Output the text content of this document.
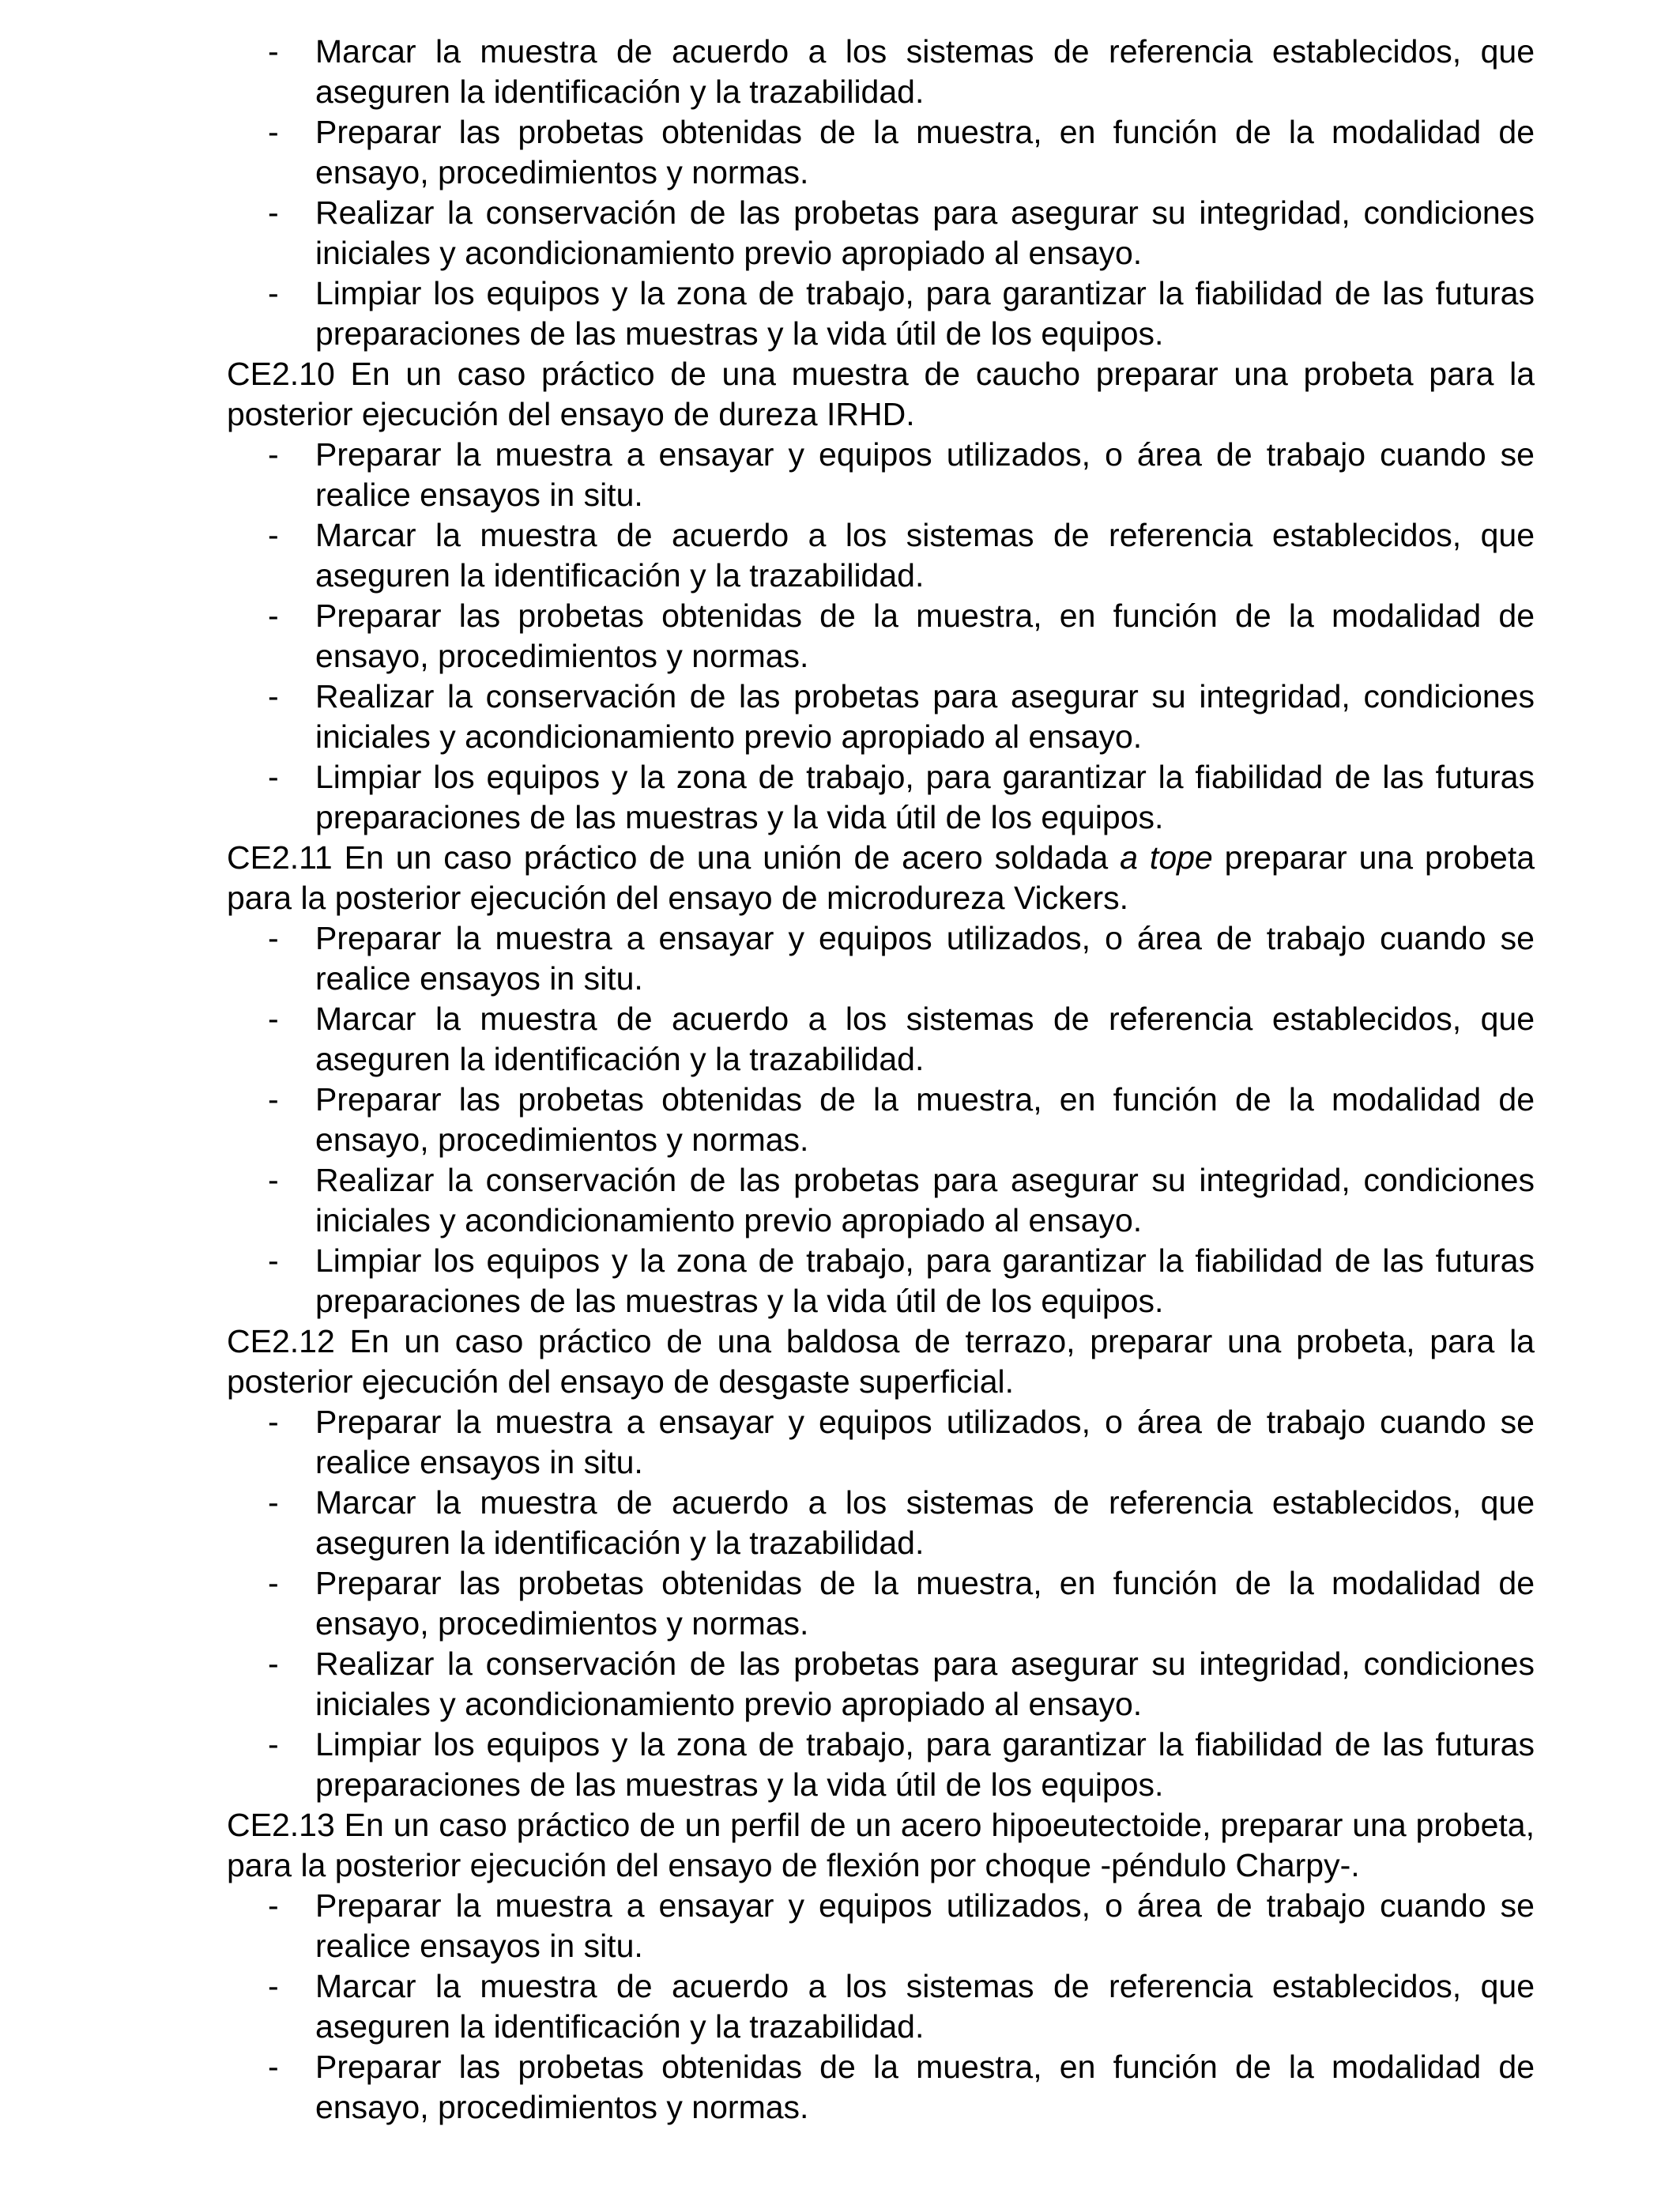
- Marcar la muestra de acuerdo a los sistemas de referencia establecidos, que aseguren la identificación y la trazabilidad.
- Preparar las probetas obtenidas de la muestra, en función de la modalidad de ensayo, procedimientos y normas.
- Realizar la conservación de las probetas para asegurar su integridad, condiciones iniciales y acondicionamiento previo apropiado al ensayo.
- Limpiar los equipos y la zona de trabajo, para garantizar la fiabilidad de las futuras preparaciones de las muestras y la vida útil de los equipos.

CE2.10 En un caso práctico de una muestra de caucho preparar una probeta para la posterior ejecución del ensayo de dureza IRHD.

- Preparar la muestra a ensayar y equipos utilizados, o área de trabajo cuando se realice ensayos in situ.
- Marcar la muestra de acuerdo a los sistemas de referencia establecidos, que aseguren la identificación y la trazabilidad.
- Preparar las probetas obtenidas de la muestra, en función de la modalidad de ensayo, procedimientos y normas.
- Realizar la conservación de las probetas para asegurar su integridad, condiciones iniciales y acondicionamiento previo apropiado al ensayo.
- Limpiar los equipos y la zona de trabajo, para garantizar la fiabilidad de las futuras preparaciones de las muestras y la vida útil de los equipos.

CE2.11 En un caso práctico de una unión de acero soldada a tope preparar una probeta para la posterior ejecución del ensayo de microdureza Vickers.

- Preparar la muestra a ensayar y equipos utilizados, o área de trabajo cuando se realice ensayos in situ.
- Marcar la muestra de acuerdo a los sistemas de referencia establecidos, que aseguren la identificación y la trazabilidad.
- Preparar las probetas obtenidas de la muestra, en función de la modalidad de ensayo, procedimientos y normas.
- Realizar la conservación de las probetas para asegurar su integridad, condiciones iniciales y acondicionamiento previo apropiado al ensayo.
- Limpiar los equipos y la zona de trabajo, para garantizar la fiabilidad de las futuras preparaciones de las muestras y la vida útil de los equipos.

CE2.12 En un caso práctico de una baldosa de terrazo, preparar una probeta, para la posterior ejecución del ensayo de desgaste superficial.

- Preparar la muestra a ensayar y equipos utilizados, o área de trabajo cuando se realice ensayos in situ.
- Marcar la muestra de acuerdo a los sistemas de referencia establecidos, que aseguren la identificación y la trazabilidad.
- Preparar las probetas obtenidas de la muestra, en función de la modalidad de ensayo, procedimientos y normas.
- Realizar la conservación de las probetas para asegurar su integridad, condiciones iniciales y acondicionamiento previo apropiado al ensayo.
- Limpiar los equipos y la zona de trabajo, para garantizar la fiabilidad de las futuras preparaciones de las muestras y la vida útil de los equipos.

CE2.13 En un caso práctico de un perfil de un acero hipoeutectoide, preparar una probeta, para la posterior ejecución del ensayo de flexión por choque -péndulo Charpy-.

- Preparar la muestra a ensayar y equipos utilizados, o área de trabajo cuando se realice ensayos in situ.
- Marcar la muestra de acuerdo a los sistemas de referencia establecidos, que aseguren la identificación y la trazabilidad.
- Preparar las probetas obtenidas de la muestra, en función de la modalidad de ensayo, procedimientos y normas.
